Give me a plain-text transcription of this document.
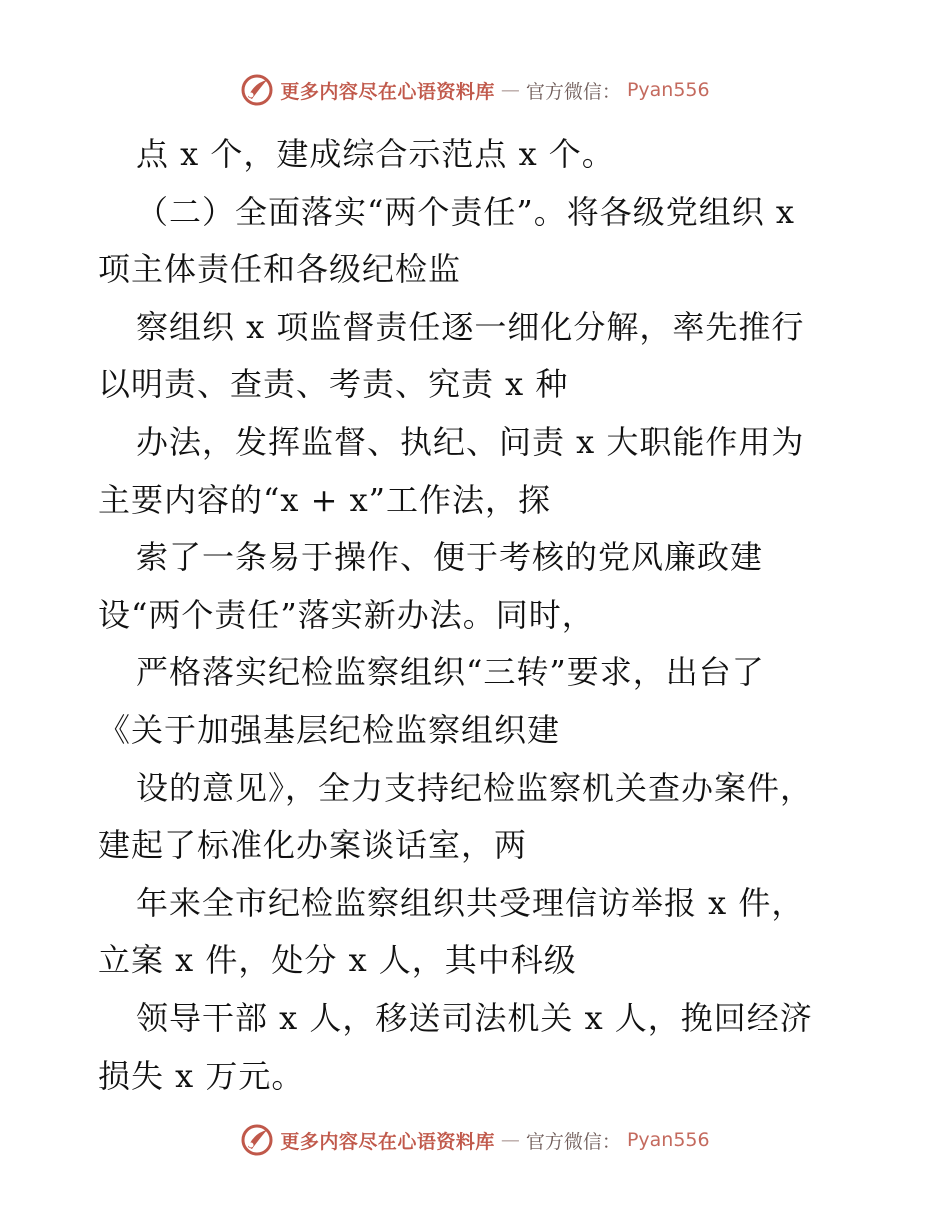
更多内容尽在心语资料库 — 官方微信： Pyan556
点 x 个，建成综合示范点 x 个。
（二）全面落实“两个责任”。将各级党组织 x
项主体责任和各级纪检监
察组织 x 项监督责任逐一细化分解，率先推行
以明责、查责、考责、究责 x 种
办法，发挥监督、执纪、问责 x 大职能作用为
主要内容的“x + x”工作法，探
索了一条易于操作、便于考核的党风廉政建
设“两个责任”落实新办法。同时，
严格落实纪检监察组织“三转”要求，出台了
《关于加强基层纪检监察组织建
设的意见》，全力支持纪检监察机关查办案件，
建起了标准化办案谈话室，两
年来全市纪检监察组织共受理信访举报 x 件，
立案 x 件，处分 x 人，其中科级
领导干部 x 人，移送司法机关 x 人，挽回经济
损失 x 万元。
更多内容尽在心语资料库 — 官方微信： Pyan556
